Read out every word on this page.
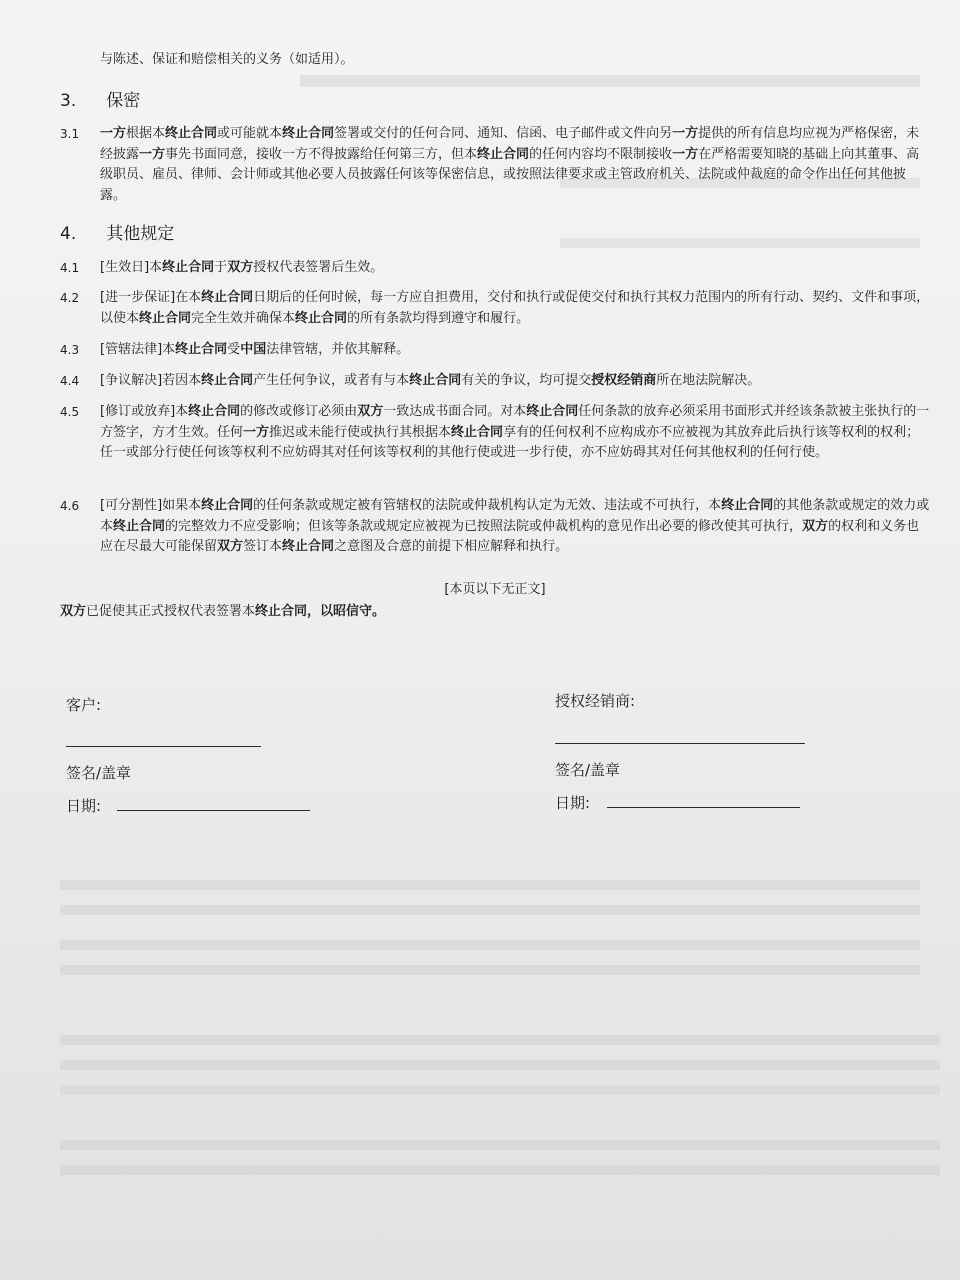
与陈述、保证和赔偿相关的义务（如适用）。
3. 保密
3.1	一方根据本终止合同或可能就本终止合同签署或交付的任何合同、通知、信函、电子邮件或文件向另一方提供的所有信息均应视为严格保密，未经披露一方事先书面同意，接收一方不得披露给任何第三方，但本终止合同的任何内容均不限制接收一方在严格需要知晓的基础上向其董事、高级职员、雇员、律师、会计师或其他必要人员披露任何该等保密信息，或按照法律要求或主管政府机关、法院或仲裁庭的命令作出任何其他披露。
4. 其他规定
4.1	[生效日]本终止合同于双方授权代表签署后生效。
4.2	[进一步保证]在本终止合同日期后的任何时候，每一方应自担费用，交付和执行或促使交付和执行其权力范围内的所有行动、契约、文件和事项，以使本终止合同完全生效并确保本终止合同的所有条款均得到遵守和履行。
4.3	[管辖法律]本终止合同受中国法律管辖，并依其解释。
4.4	[争议解决]若因本终止合同产生任何争议，或者有与本终止合同有关的争议，均可提交授权经销商所在地法院解决。
4.5	[修订或放弃]本终止合同的修改或修订必须由双方一致达成书面合同。对本终止合同任何条款的放弃必须采用书面形式并经该条款被主张执行的一方签字，方才生效。任何一方推迟或未能行使或执行其根据本终止合同享有的任何权利不应构成亦不应被视为其放弃此后执行该等权利的权利；任一或部分行使任何该等权利不应妨碍其对任何该等权利的其他行使或进一步行使，亦不应妨碍其对任何其他权利的任何行使。
4.6	[可分割性]如果本终止合同的任何条款或规定被有管辖权的法院或仲裁机构认定为无效、违法或不可执行，本终止合同的其他条款或规定的效力或本终止合同的完整效力不应受影响；但该等条款或规定应被视为已按照法院或仲裁机构的意见作出必要的修改使其可执行，双方的权利和义务也应在尽最大可能保留双方签订本终止合同之意图及合意的前提下相应解释和执行。
[本页以下无正文]
双方已促使其正式授权代表签署本终止合同，以昭信守。
客户:
签名/盖章
日期:
授权经销商:
签名/盖章
日期:
